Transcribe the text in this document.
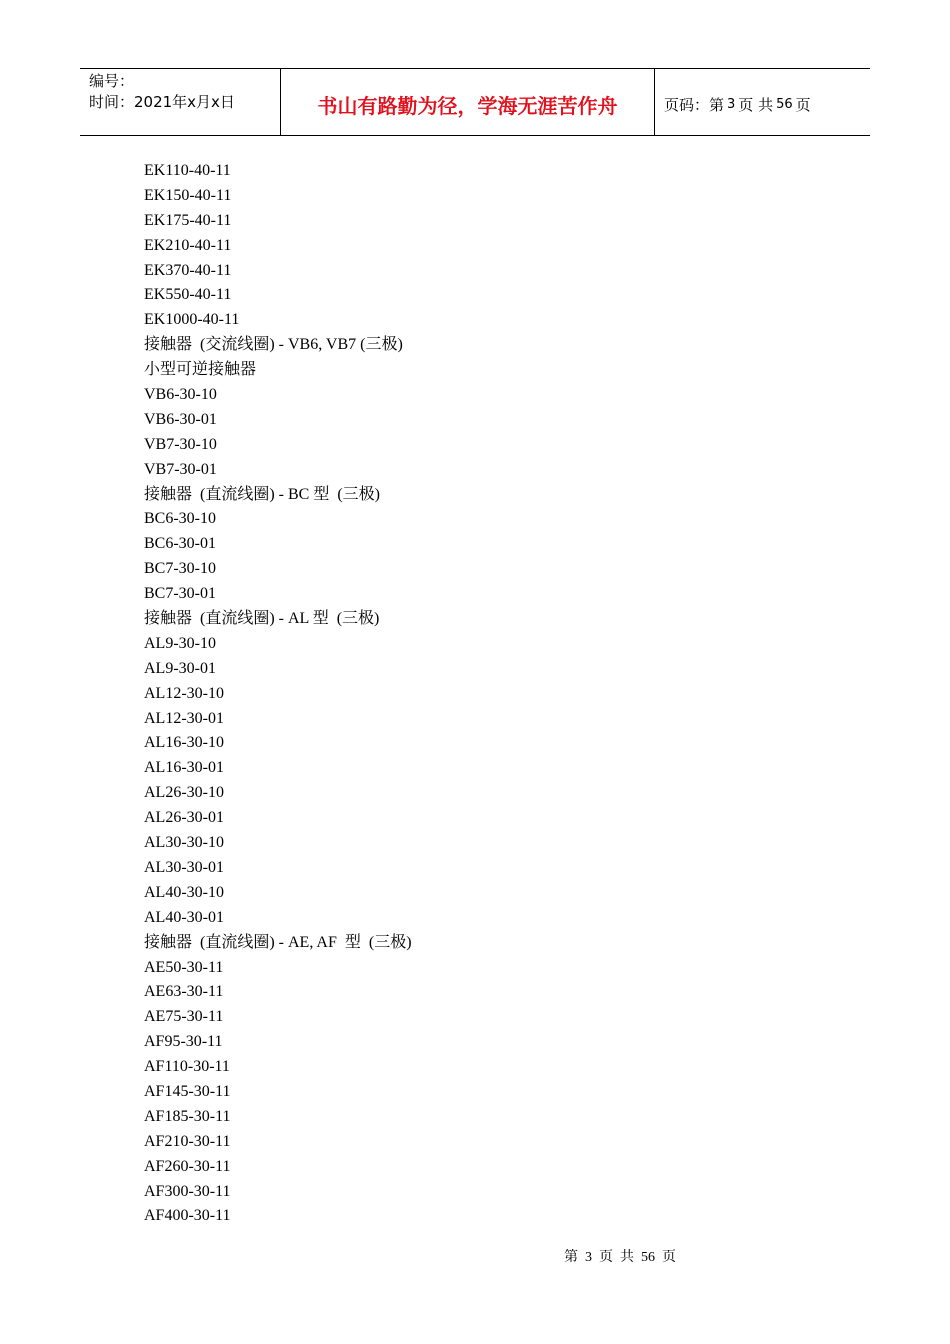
编号：
时间：2021年x月x日	书山有路勤为径，学海无涯苦作舟	页码：第 3 页 共 56 页
EK110-40-11
EK150-40-11
EK175-40-11
EK210-40-11
EK370-40-11
EK550-40-11
EK1000-40-11
接触器  (交流线圈) - VB6, VB7 (三极)
小型可逆接触器
VB6-30-10
VB6-30-01
VB7-30-10
VB7-30-01
接触器  (直流线圈) - BC 型  (三极)
BC6-30-10
BC6-30-01
BC7-30-10
BC7-30-01
接触器  (直流线圈) - AL 型  (三极)
AL9-30-10
AL9-30-01
AL12-30-10
AL12-30-01
AL16-30-10
AL16-30-01
AL26-30-10
AL26-30-01
AL30-30-10
AL30-30-01
AL40-30-10
AL40-30-01
接触器  (直流线圈) - AE, AF  型  (三极)
AE50-30-11
AE63-30-11
AE75-30-11
AF95-30-11
AF110-30-11
AF145-30-11
AF185-30-11
AF210-30-11
AF260-30-11
AF300-30-11
AF400-30-11
第  3  页  共  56  页
